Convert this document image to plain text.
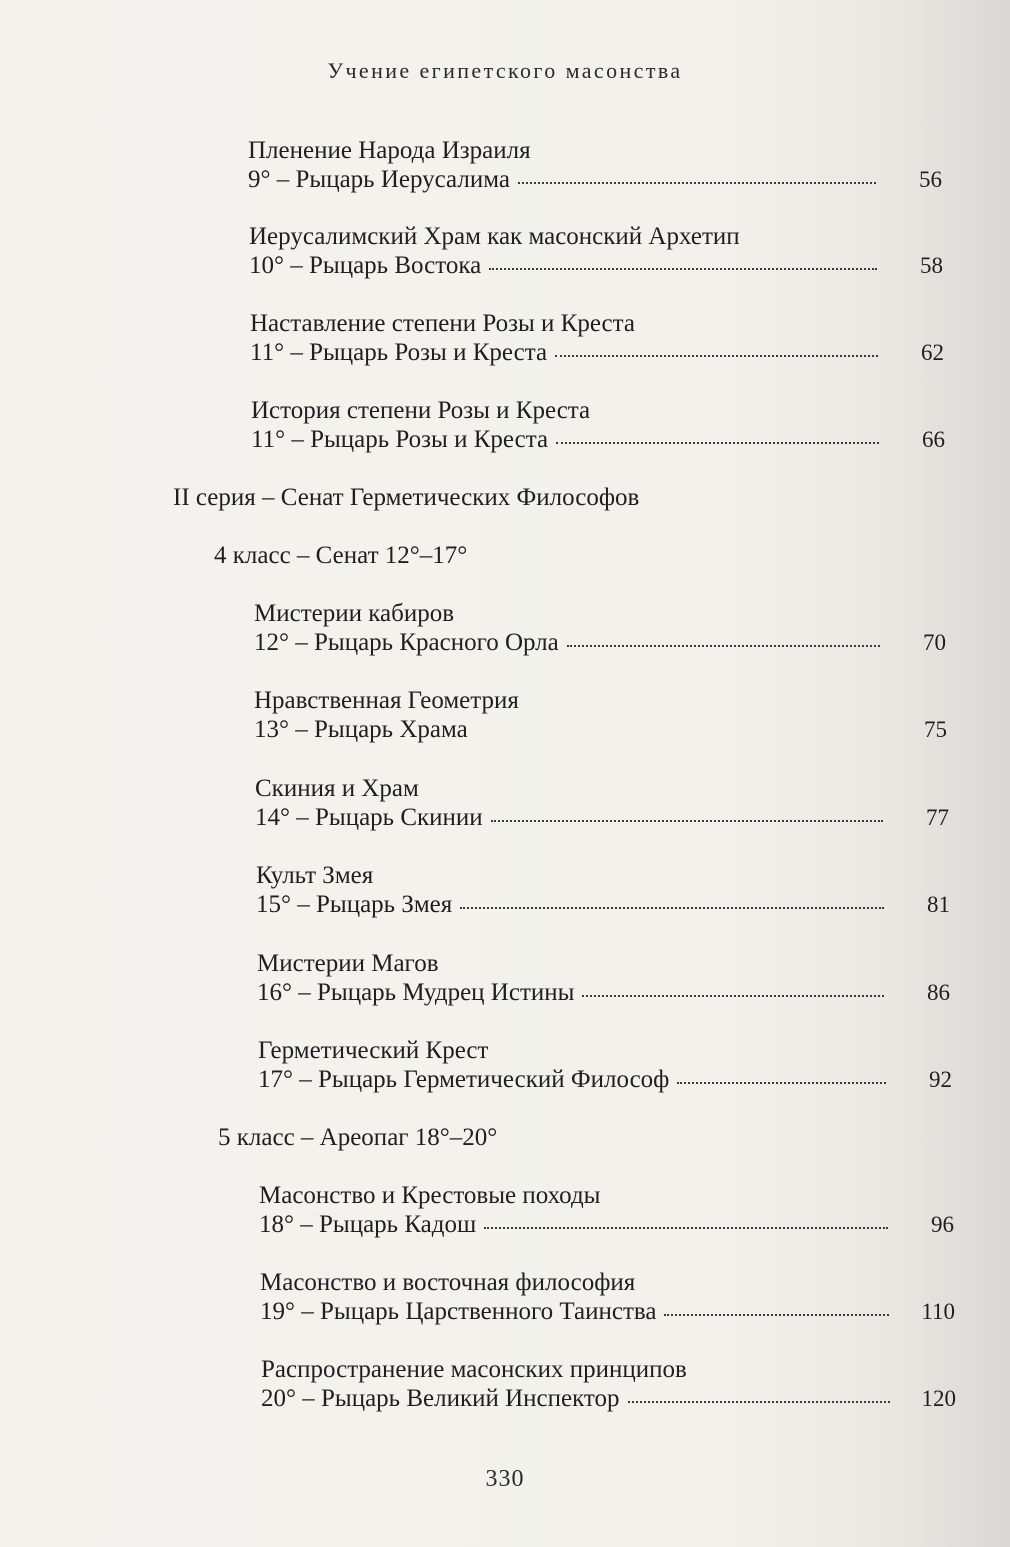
Учение египетского масонства
Пленение Народа Израиля
9° – Рыцарь Иерусалима	56
Иерусалимский Храм как масонский Архетип
10° – Рыцарь Востока	58
Наставление степени Розы и Креста
11° – Рыцарь Розы и Креста	62
История степени Розы и Креста
11° – Рыцарь Розы и Креста	66
II серия – Сенат Герметических Философов
4 класс – Сенат 12°–17°
Мистерии кабиров
12° – Рыцарь Красного Орла	70
Нравственная Геометрия
13° – Рыцарь Храма	75
Скиния и Храм
14° – Рыцарь Скинии	77
Культ Змея
15° – Рыцарь Змея	81
Мистерии Магов
16° – Рыцарь Мудрец Истины	86
Герметический Крест
17° – Рыцарь Герметический Философ	92
5 класс – Ареопаг 18°–20°
Масонство и Крестовые походы
18° – Рыцарь Кадош	96
Масонство и восточная философия
19° – Рыцарь Царственного Таинства	110
Распространение масонских принципов
20° – Рыцарь Великий Инспектор	120
330
